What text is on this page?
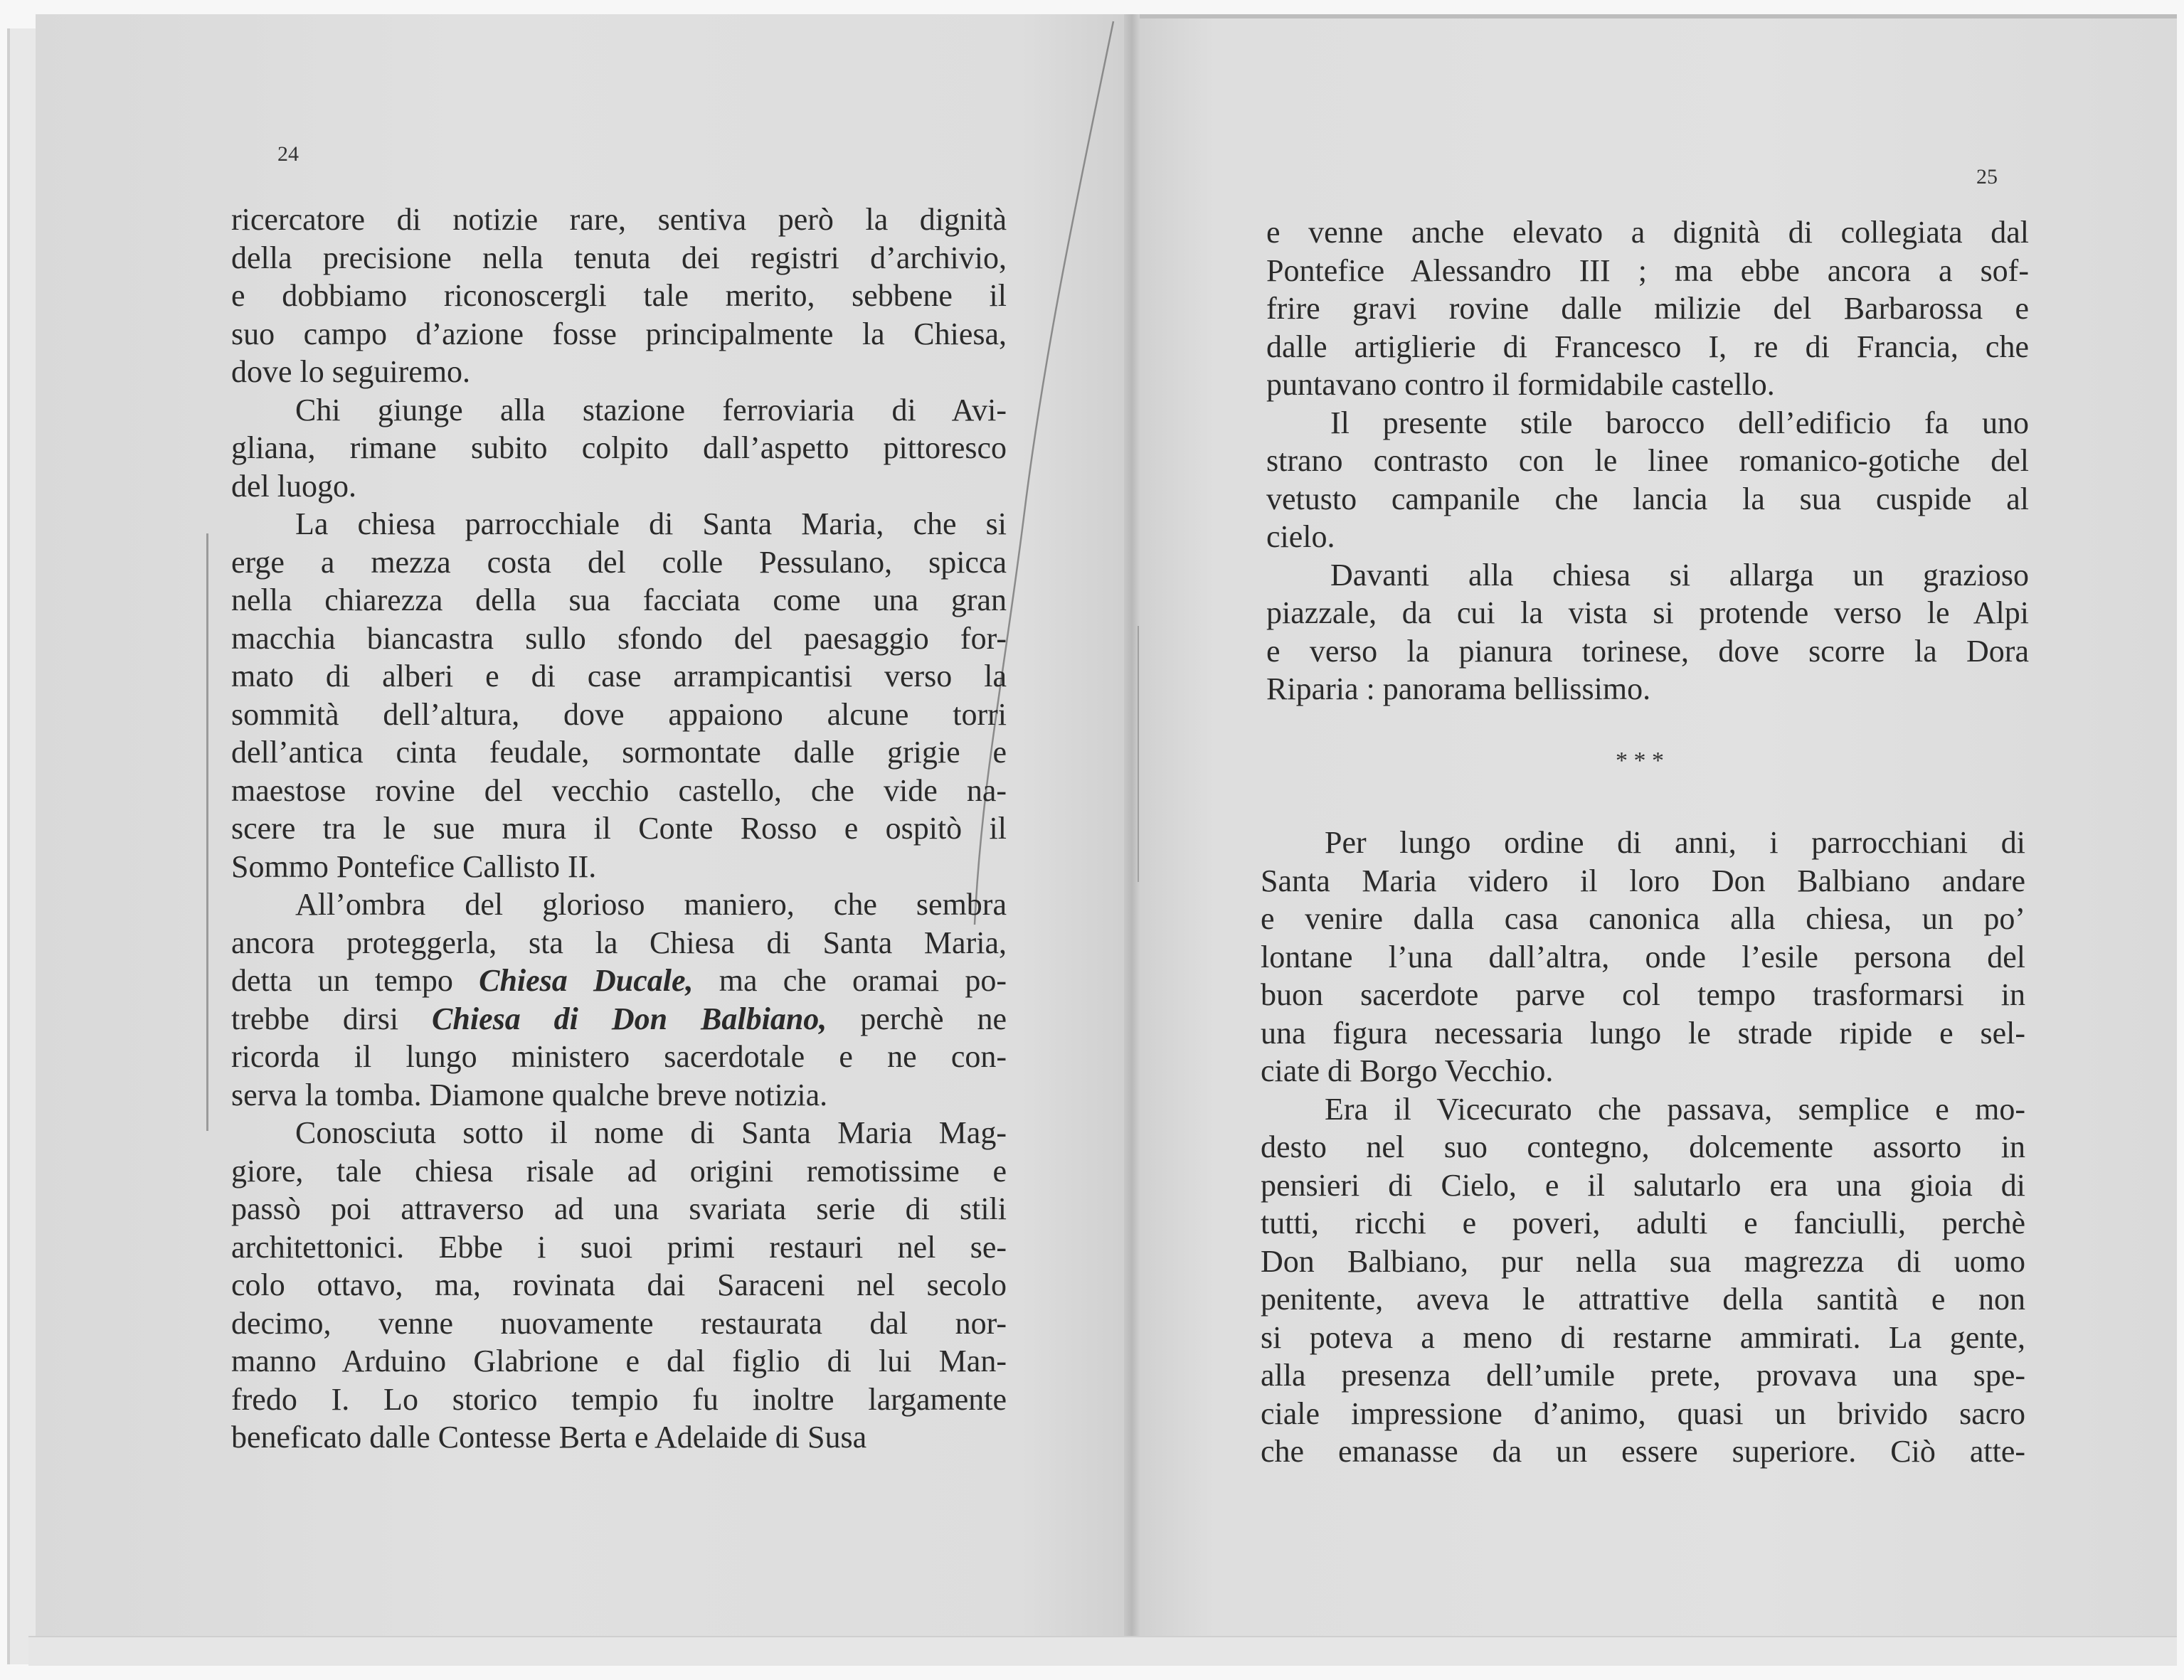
24
ricercatore di notizie rare, sentiva però la dignità
della precisione nella tenuta dei registri d’archivio,
e dobbiamo riconoscergli tale merito, sebbene il
suo campo d’azione fosse principalmente la Chiesa,
dove lo seguiremo.
Chi giunge alla stazione ferroviaria di Avi-
gliana, rimane subito colpito dall’aspetto pittoresco
del luogo.
La chiesa parrocchiale di Santa Maria, che si
erge a mezza costa del colle Pessulano, spicca
nella chiarezza della sua facciata come una gran
macchia biancastra sullo sfondo del paesaggio for-
mato di alberi e di case arrampicantisi verso la
sommità dell’altura, dove appaiono alcune torri
dell’antica cinta feudale, sormontate dalle grigie e
maestose rovine del vecchio castello, che vide na-
scere tra le sue mura il Conte Rosso e ospitò il
Sommo Pontefice Callisto II.
All’ombra del glorioso maniero, che sembra
ancora proteggerla, sta la Chiesa di Santa Maria,
detta un tempo Chiesa Ducale, ma che oramai po-
trebbe dirsi Chiesa di Don Balbiano, perchè ne
ricorda il lungo ministero sacerdotale e ne con-
serva la tomba. Diamone qualche breve notizia.
Conosciuta sotto il nome di Santa Maria Mag-
giore, tale chiesa risale ad origini remotissime e
passò poi attraverso ad una svariata serie di stili
architettonici. Ebbe i suoi primi restauri nel se-
colo ottavo, ma, rovinata dai Saraceni nel secolo
decimo, venne nuovamente restaurata dal nor-
manno Arduino Glabrione e dal figlio di lui Man-
fredo I. Lo storico tempio fu inoltre largamente
beneficato dalle Contesse Berta e Adelaide di Susa
25
e venne anche elevato a dignità di collegiata dal
Pontefice Alessandro III ; ma ebbe ancora a sof-
frire gravi rovine dalle milizie del Barbarossa e
dalle artiglierie di Francesco I, re di Francia, che
puntavano contro il formidabile castello.
Il presente stile barocco dell’edificio fa uno
strano contrasto con le linee romanico-gotiche del
vetusto campanile che lancia la sua cuspide al
cielo.
Davanti alla chiesa si allarga un grazioso
piazzale, da cui la vista si protende verso le Alpi
e verso la pianura torinese, dove scorre la Dora
Riparia : panorama bellissimo.
* * *
Per lungo ordine di anni, i parrocchiani di
Santa Maria videro il loro Don Balbiano andare
e venire dalla casa canonica alla chiesa, un po’
lontane l’una dall’altra, onde l’esile persona del
buon sacerdote parve col tempo trasformarsi in
una figura necessaria lungo le strade ripide e sel-
ciate di Borgo Vecchio.
Era il Vicecurato che passava, semplice e mo-
desto nel suo contegno, dolcemente assorto in
pensieri di Cielo, e il salutarlo era una gioia di
tutti, ricchi e poveri, adulti e fanciulli, perchè
Don Balbiano, pur nella sua magrezza di uomo
penitente, aveva le attrattive della santità e non
si poteva a meno di restarne ammirati. La gente,
alla presenza dell’umile prete, provava una spe-
ciale impressione d’animo, quasi un brivido sacro
che emanasse da un essere superiore. Ciò atte-
